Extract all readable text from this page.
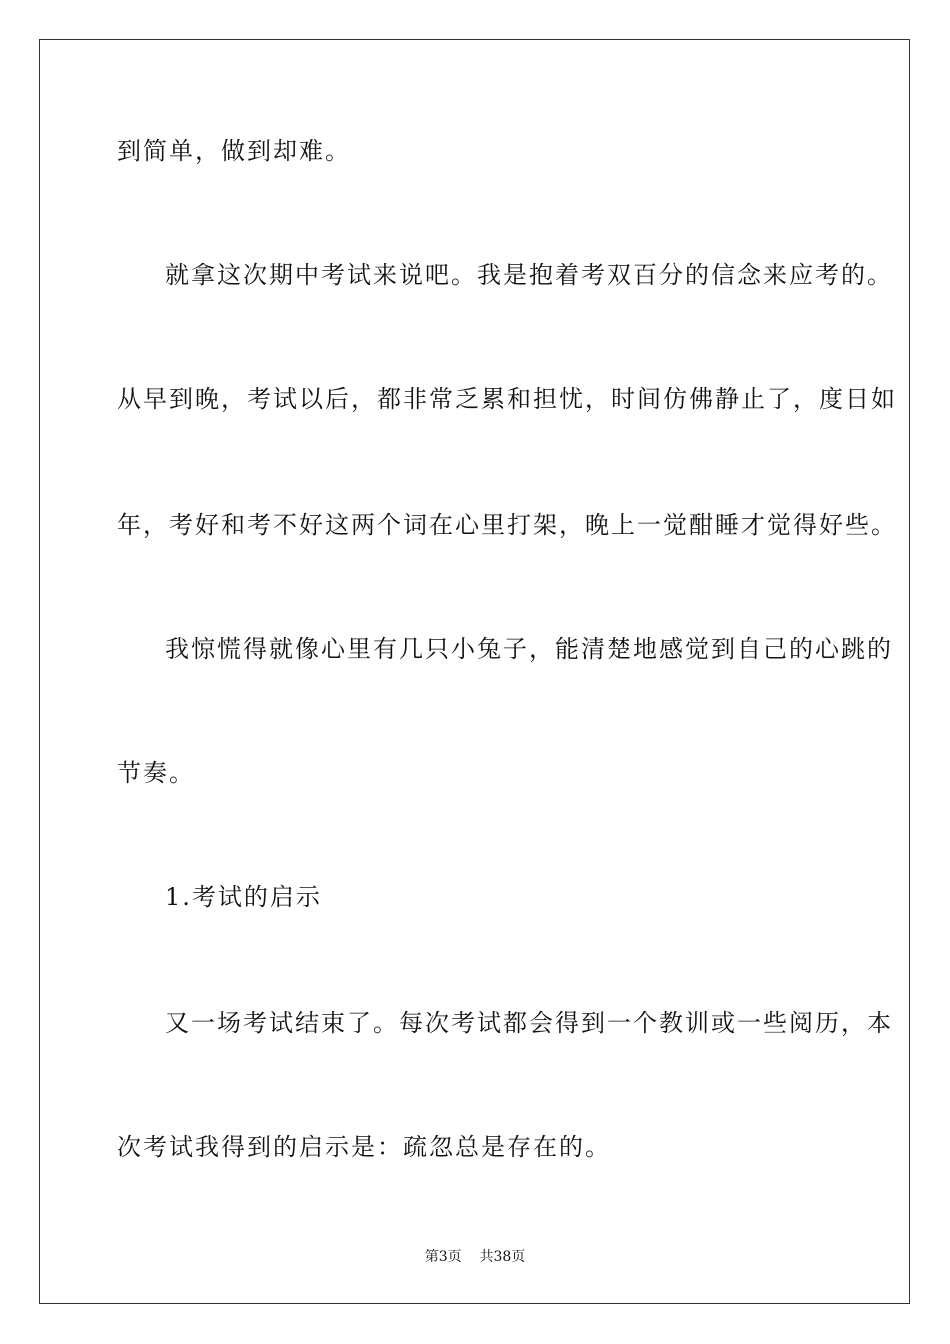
到简单，做到却难。
就拿这次期中考试来说吧。我是抱着考双百分的信念来应考的。
从早到晚，考试以后，都非常乏累和担忧，时间仿佛静止了，度日如
年，考好和考不好这两个词在心里打架，晚上一觉酣睡才觉得好些。
我惊慌得就像心里有几只小兔子，能清楚地感觉到自己的心跳的
节奏。
1.考试的启示
又一场考试结束了。每次考试都会得到一个教训或一些阅历，本
次考试我得到的启示是：疏忽总是存在的。
第3页 共38页
